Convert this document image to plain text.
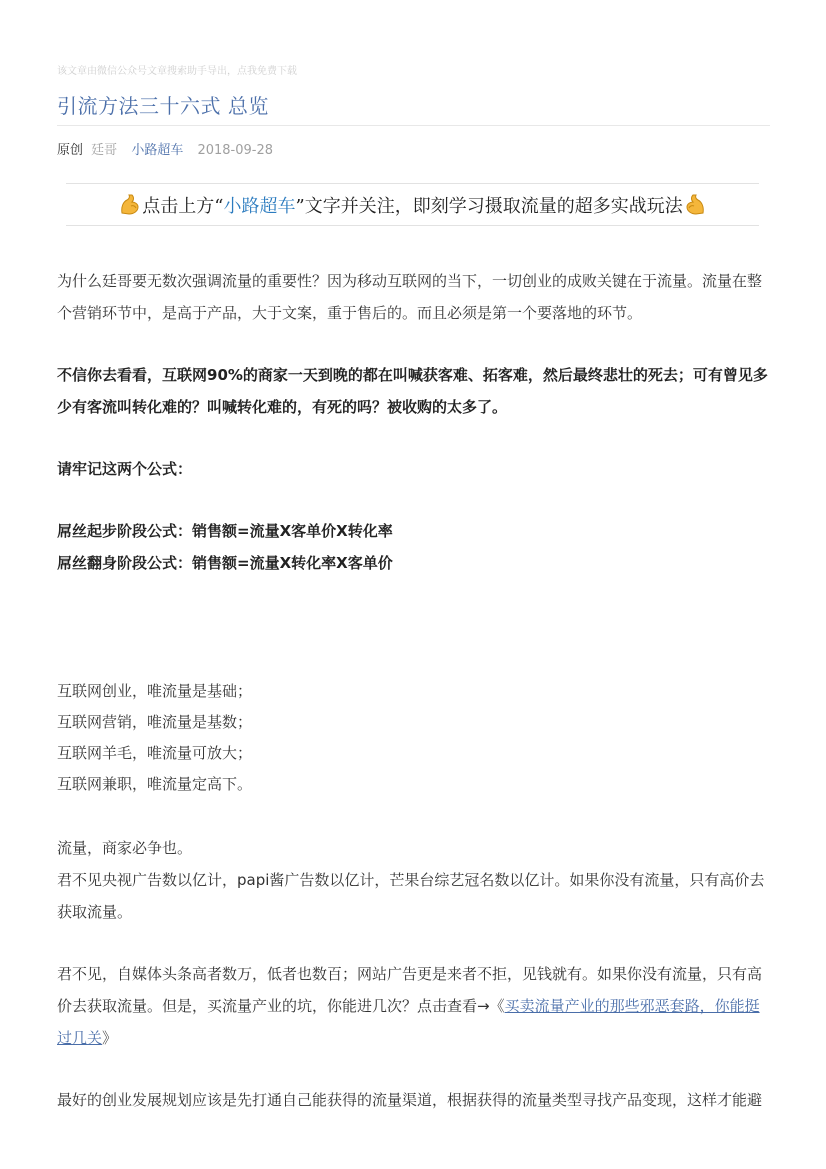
该文章由微信公众号文章搜索助手导出，点我免费下载
引流方法三十六式 总览
原创 廷哥 小路超车 2018-09-28
点击上方“ 小路超车 ”文字并关注，即刻学习摄取流量的超多实战玩法
为什么廷哥要无数次强调流量的重要性？因为移动互联网的当下，一切创业的成败关键在于流量。流量在整个营销环节中，是高于产品，大于文案，重于售后的。而且必须是第一个要落地的环节。
不信你去看看，互联网90%的商家一天到晚的都在叫喊获客难、拓客难，然后最终悲壮的死去；可有曾见多少有客流叫转化难的？叫喊转化难的，有死的吗？被收购的太多了。
请牢记这两个公式：
屌丝起步阶段公式：销售额=流量X客单价X转化率
屌丝翻身阶段公式：销售额=流量X转化率X客单价
互联网创业，唯流量是基础；
互联网营销，唯流量是基数；
互联网羊毛，唯流量可放大；
互联网兼职，唯流量定高下。
流量，商家必争也。
君不见央视广告数以亿计，papi酱广告数以亿计，芒果台综艺冠名数以亿计。如果你没有流量，只有高价去获取流量。
君不见，自媒体头条高者数万，低者也数百；网站广告更是来者不拒，见钱就有。如果你没有流量，只有高价去获取流量。但是，买流量产业的坑，你能进几次？点击查看→《买卖流量产业的那些邪恶套路，你能挺过几关》
最好的创业发展规划应该是先打通自己能获得的流量渠道，根据获得的流量类型寻找产品变现，这样才能避
